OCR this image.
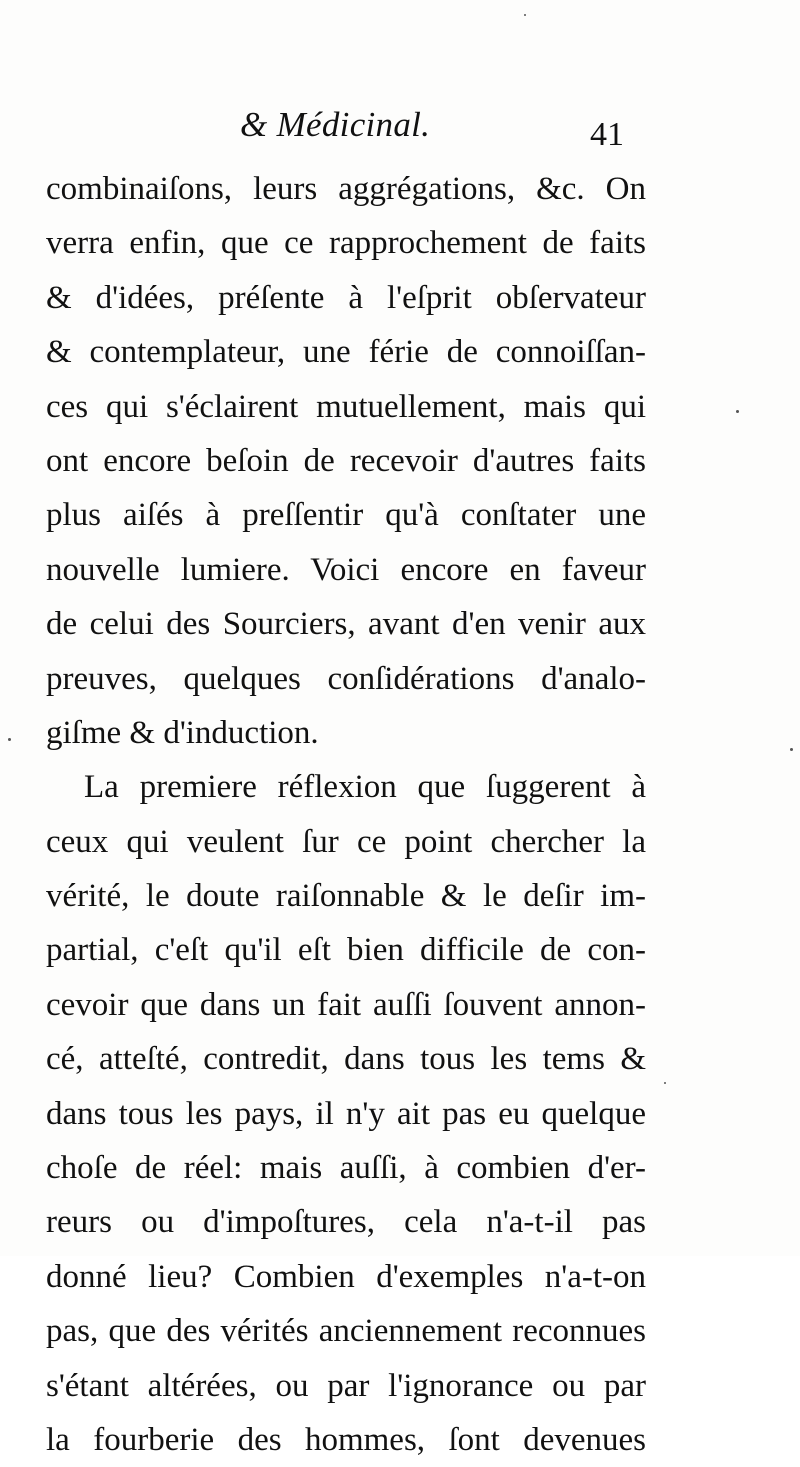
& Médicinal.	41
combinaiſons, leurs aggrégations, &c. On
verra enfin, que ce rapprochement de faits
& d'idées, préſente à l'eſprit obſervateur
& contemplateur, une férie de connoiſſan-
ces qui s'éclairent mutuellement, mais qui
ont encore beſoin de recevoir d'autres faits
plus aiſés à preſſentir qu'à conſtater une
nouvelle lumiere. Voici encore en faveur
de celui des Sourciers, avant d'en venir aux
preuves, quelques conſidérations d'analo-
giſme & d'induction.
La premiere réflexion que ſuggerent à
ceux qui veulent ſur ce point chercher la
vérité, le doute raiſonnable & le deſir im-
partial, c'eſt qu'il eſt bien difficile de con-
cevoir que dans un fait auſſi ſouvent annon-
cé, atteſté, contredit, dans tous les tems &
dans tous les pays, il n'y ait pas eu quelque
choſe de réel: mais auſſi, à combien d'er-
reurs ou d'impoſtures, cela n'a-t-il pas
donné lieu? Combien d'exemples n'a-t-on
pas, que des vérités anciennement reconnues
s'étant altérées, ou par l'ignorance ou par
la fourberie des hommes, ſont devenues
